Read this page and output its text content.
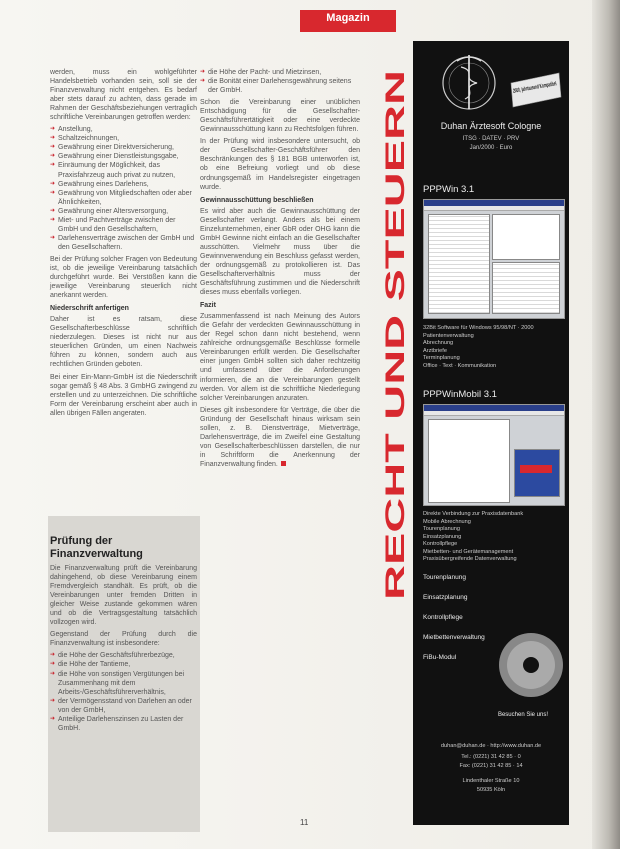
Magazin

werden, muss ein wohlgeführter Handelsbetrieb vorhanden sein, soll sie der Finanzverwaltung nicht entgehen. Es bedarf aber stets darauf zu achten, dass gerade im Rahmen der Geschäftsbeziehungen vertraglich schriftliche Vereinbarungen getroffen werden:

➜ Anstellung,
➜ Schaltzeichnungen,
➜ Gewährung einer Direktversicherung,
➜ Gewährung einer Dienstleistungsgabe,
➜ Einräumung der Möglichkeit, das Praxisfahrzeug auch privat zu nutzen,
➜ Gewährung eines Darlehens,
➜ Gewährung von Mitgliedschaften oder aber Ähnlichkeiten,
➜ Gewährung einer Altersversorgung,
➜ Miet- und Pachtverträge zwischen der GmbH und den Gesellschaftern,
➜ Darlehensverträge zwischen der GmbH und den Gesellschaftern.

Bei der Prüfung solcher Fragen von Bedeutung ist, ob die jeweilige Vereinbarung tatsächlich durchgeführt wurde. Bei Verstößen kann die jeweilige Vereinbarung steuerlich nicht anerkannt werden.

Niederschrift anfertigen

Daher ist es ratsam, diese Gesellschafterbeschlüsse schriftlich niederzulegen. Dieses ist nicht nur aus steuerlichen Gründen, um einen Nachweis führen zu können, sondern auch aus rechtlichen Gründen geboten.

Bei einer Ein-Mann-GmbH ist die Niederschrift sogar gemäß § 48 Abs. 3 GmbHG zwingend zu erstellen und zu unterzeichnen. Die schriftliche Form der Vereinbarung erscheint aber auch in allen übrigen Fällen angeraten.

Prüfung der Finanzverwaltung

Die Finanzverwaltung prüft die Vereinbarung dahingehend, ob diese Vereinbarung einem Fremdvergleich standhält. Es prüft, ob die Vereinbarungen unter fremden Dritten in gleicher Weise zustande gekommen wären und ob die Vertragsgestaltung tatsächlich vollzogen wird.

Gegenstand der Prüfung durch die Finanzverwaltung ist insbesondere:

➜ die Höhe der Geschäftsführerbezüge,
➜ die Höhe der Tantieme,
➜ die Höhe von sonstigen Vergütungen bei Zusammenhang mit dem Arbeits-/Geschäftsführerverhältnis,
➜ der Vermögensstand von Darlehen an oder von der GmbH,
➜ Anteilige Darlehenszinsen zu Lasten der GmbH.
➜ die Höhe der Pacht- und Mietzinsen,
➜ die Bonität einer Darlehensgewährung seitens der GmbH.

Schon die Vereinbarung einer unüblichen Entschädigung für die Gesellschafter-Geschäftsführertätigkeit oder eine verdeckte Gewinnausschüttung kann zu Rechtsfolgen führen.

In der Prüfung wird insbesondere untersucht, ob der Gesellschafter-Geschäftsführer den Beschränkungen des § 181 BGB unterworfen ist, ob eine Befreiung vorliegt und ob diese ordnungsgemäß im Handelsregister eingetragen wurde.

Gewinnausschüttung beschließen

Es wird aber auch die Gewinnausschüttung der Gesellschafter verlangt. Anders als bei einem Einzelunternehmen, einer GbR oder OHG kann die GmbH Gewinne nicht einfach an die Gesellschafter ausschütten. Vielmehr muss über die Gewinnverwendung ein Beschluss gefasst werden, der ordnungsgemäß zu protokollieren ist. Das Gesellschafterverhältnis muss der Geschäftsführung zustimmen und die Niederschrift dieses muss ebenfalls vorliegen.

Fazit

Zusammenfassend ist nach Meinung des Autors die Gefahr der verdeckten Gewinnausschüttung in der Regel schon dann nicht bestehend, wenn zahlreiche ordnungsgemäße Beschlüsse formelle Vereinbarungen erfüllt werden. Die Gesellschafter einer jungen GmbH sollten sich daher rechtzeitig und umfassend über die Anforderungen informieren, die an die Vereinbarungen gestellt werden. Vor allem ist die schriftliche Niederlegung solcher Vereinbarungen anzuraten.

Dieses gilt insbesondere für Verträge, die über die Gründung der Gesellschaft hinaus wirksam sein sollen, z. B. Dienstverträge, Mietverträge, Darlehensverträge, die im Zweifel eine Gestaltung von Gesellschafterbeschlüssen darstellen, die nur in Schriftform die Anerkennung der Finanzverwaltung finden.	RECHT UND STEUERN
2000, jahrtausend Kompatibel
Duhan Ärztesoft Cologne
ITSG · DATEV · PRV
Jan/2000 · Euro
PPPWin 3.1
32Bit Software für Windows 95/98/NT · 2000
Patientenverwaltung
Abrechnung
Arztbriefe
Terminplanung
Office · Text · Kommunikation
PPPWinMobil 3.1
Direkte Verbindung zur Praxisdatenbank
Mobile Abrechnung
Tourenplanung
Einsatzplanung
Kontrollpflege
Mietbetten- und Gerätemanagement
Praxisübergreifende Datenverwaltung
Tourenplanung
Einsatzplanung
Kontrollpflege
Mietbettenverwaltung
FiBu-Modul
Besuchen Sie uns!
duhan@duhan.de · http://www.duhan.de
Tel.: (0221) 31 42 85 · 0
Fax: (0221) 31 42 85 · 14
Lindenthaler Straße 10
50935 Köln
11
